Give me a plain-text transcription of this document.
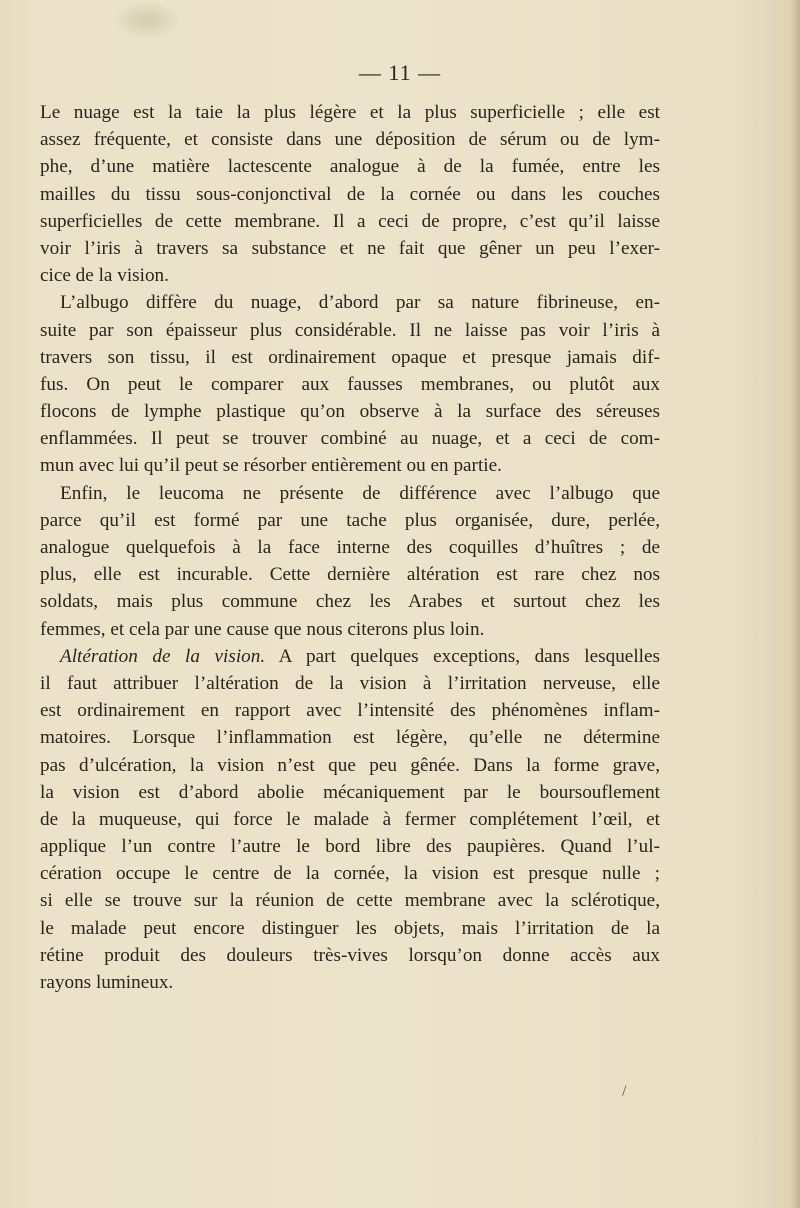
— 11 —
Le nuage est la taie la plus légère et la plus superficielle ; elle est
assez fréquente, et consiste dans une déposition de sérum ou de lym-
phe, d’une matière lactescente analogue à de la fumée, entre les
mailles du tissu sous-conjonctival de la cornée ou dans les couches
superficielles de cette membrane. Il a ceci de propre, c’est qu’il laisse
voir l’iris à travers sa substance et ne fait que gêner un peu l’exer-
cice de la vision.
L’albugo diffère du nuage, d’abord par sa nature fibrineuse, en-
suite par son épaisseur plus considérable. Il ne laisse pas voir l’iris à
travers son tissu, il est ordinairement opaque et presque jamais dif-
fus. On peut le comparer aux fausses membranes, ou plutôt aux
flocons de lymphe plastique qu’on observe à la surface des séreuses
enflammées. Il peut se trouver combiné au nuage, et a ceci de com-
mun avec lui qu’il peut se résorber entièrement ou en partie.
Enfin, le leucoma ne présente de différence avec l’albugo que
parce qu’il est formé par une tache plus organisée, dure, perlée,
analogue quelquefois à la face interne des coquilles d’huîtres ; de
plus, elle est incurable. Cette dernière altération est rare chez nos
soldats, mais plus commune chez les Arabes et surtout chez les
femmes, et cela par une cause que nous citerons plus loin.
Altération de la vision. A part quelques exceptions, dans lesquelles
il faut attribuer l’altération de la vision à l’irritation nerveuse, elle
est ordinairement en rapport avec l’intensité des phénomènes inflam-
matoires. Lorsque l’inflammation est légère, qu’elle ne détermine
pas d’ulcération, la vision n’est que peu gênée. Dans la forme grave,
la vision est d’abord abolie mécaniquement par le boursouflement
de la muqueuse, qui force le malade à fermer complétement l’œil, et
applique l’un contre l’autre le bord libre des paupières. Quand l’ul-
cération occupe le centre de la cornée, la vision est presque nulle ;
si elle se trouve sur la réunion de cette membrane avec la sclérotique,
le malade peut encore distinguer les objets, mais l’irritation de la
rétine produit des douleurs très-vives lorsqu’on donne accès aux
rayons lumineux.
/
